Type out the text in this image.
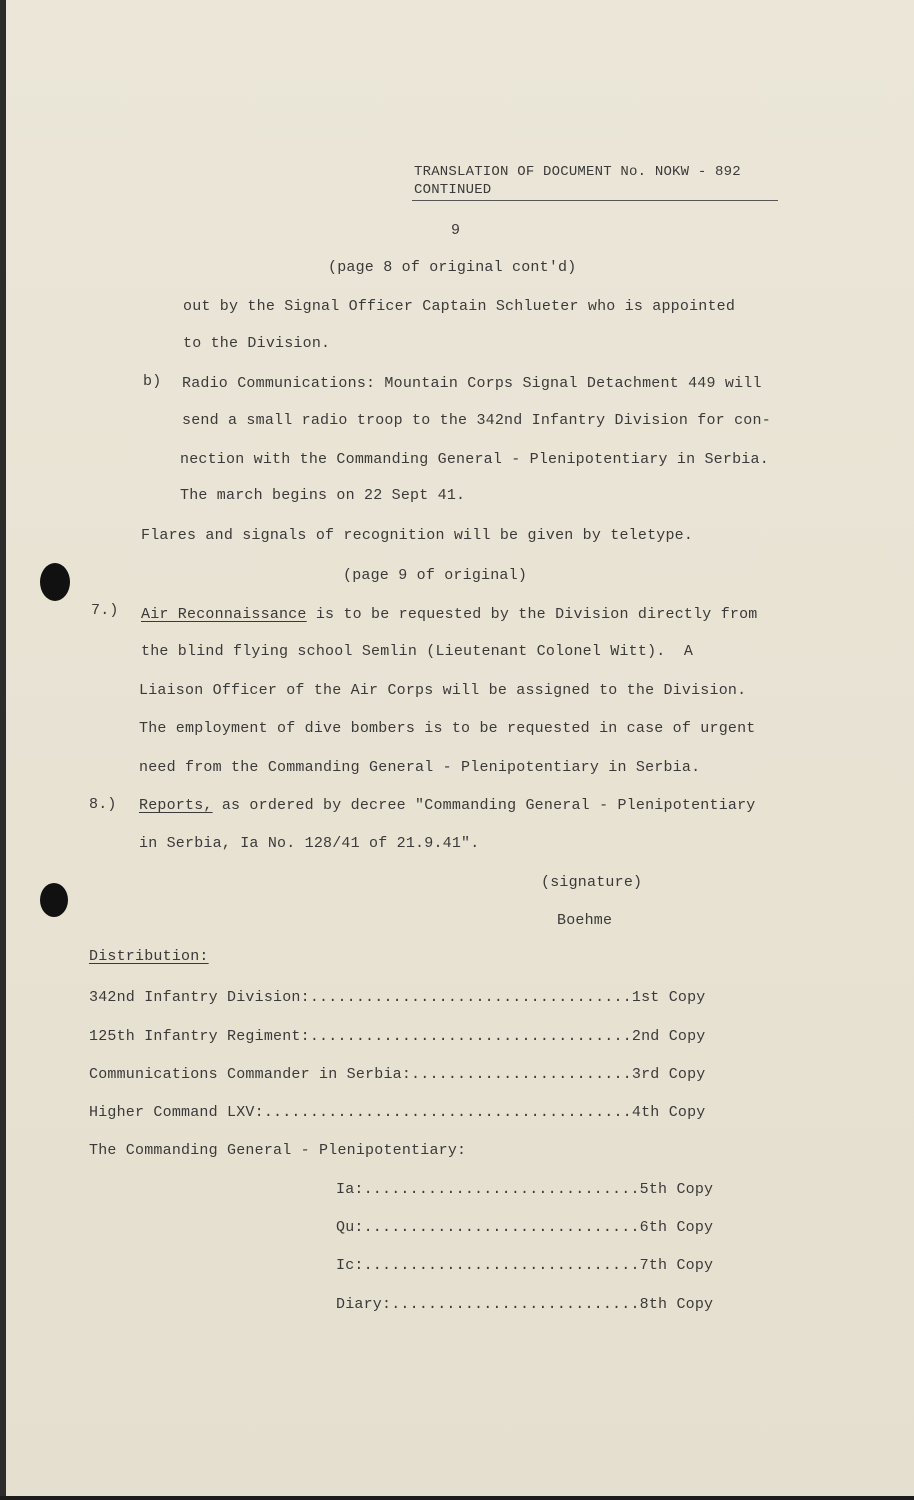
TRANSLATION OF DOCUMENT No. NOKW - 892
CONTINUED
9
(page 8 of original cont'd)
out by the Signal Officer Captain Schlueter who is appointed
to the Division.
b) Radio Communications: Mountain Corps Signal Detachment 449 will
send a small radio troop to the 342nd Infantry Division for con-
nection with the Commanding General - Plenipotentiary in Serbia.
The march begins on 22 Sept 41.
Flares and signals of recognition will be given by teletype.
(page 9 of original)
7.) Air Reconnaissance is to be requested by the Division directly from
the blind flying school Semlin (Lieutenant Colonel Witt).  A
Liaison Officer of the Air Corps will be assigned to the Division.
The employment of dive bombers is to be requested in case of urgent
need from the Commanding General - Plenipotentiary in Serbia.
8.) Reports, as ordered by decree "Commanding General - Plenipotentiary
in Serbia, Ia No. 128/41 of 21.9.41".
(signature)
Boehme
Distribution:
342nd Infantry Division:...................................1st Copy
125th Infantry Regiment:...................................2nd Copy
Communications Commander in Serbia:........................3rd Copy
Higher Command LXV:........................................4th Copy
The Commanding General - Plenipotentiary:
Ia:..............................5th Copy
Qu:..............................6th Copy
Ic:..............................7th Copy
Diary:...........................8th Copy
